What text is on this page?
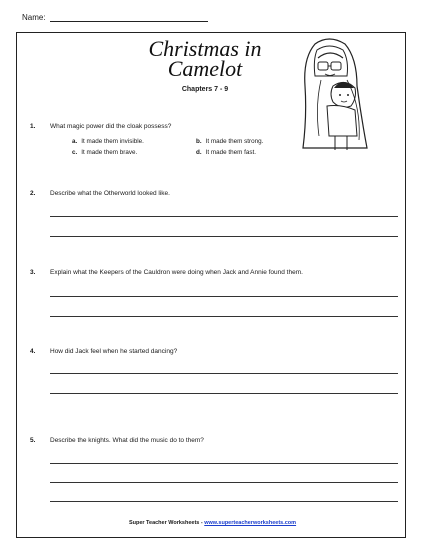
Name:
Christmas in
Camelot
Chapters 7 - 9
1. What magic power did the cloak possess?
a. It made them invisible.	b. It made them strong.
c. It made them brave.	d. It made them fast.
2. Describe what the Otherworld looked like.
3. Explain what the Keepers of the Cauldron were doing when Jack and Annie found them.
4. How did Jack feel when he started dancing?
5. Describe the knights. What did the music do to them?
Super Teacher Worksheets - www.superteacherworksheets.com
